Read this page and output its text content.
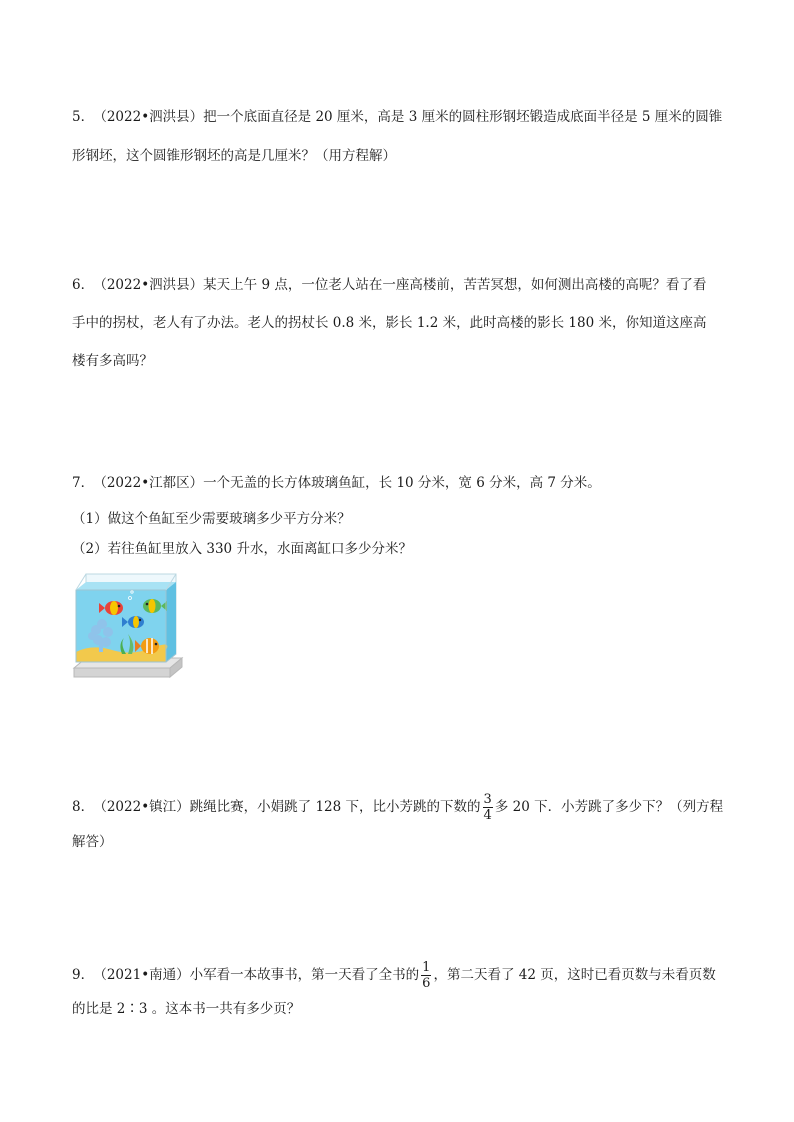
5． （2022•泗洪县）把一个底面直径是 20 厘米，高是 3 厘米的圆柱形钢坯锻造成底面半径是 5 厘米的圆锥
形钢坯，这个圆锥形钢坯的高是几厘米？（用方程解）
6． （2022•泗洪县）某天上午 9 点，一位老人站在一座高楼前，苦苦冥想，如何测出高楼的高呢？看了看
手中的拐杖，老人有了办法。老人的拐杖长 0.8 米，影长 1.2 米，此时高楼的影长 180 米，你知道这座高
楼有多高吗？
7． （2022•江都区）一个无盖的长方体玻璃鱼缸，长 10 分米，宽 6 分米，高 7 分米。
（1）做这个鱼缸至少需要玻璃多少平方分米？
（2）若往鱼缸里放入 330 升水，水面离缸口多少分米？
8． （2022•镇江）跳绳比赛，小娟跳了 128 下，比小芳跳的下数的 $\frac{3}{4}$ 多 20 下．小芳跳了多少下？（列方程
解答）
9． （2021•南通）小军看一本故事书，第一天看了全书的 $\frac{1}{6}$ ，第二天看了 42 页，这时已看页数与未看页数
的比是 2∶3 。这本书一共有多少页？
